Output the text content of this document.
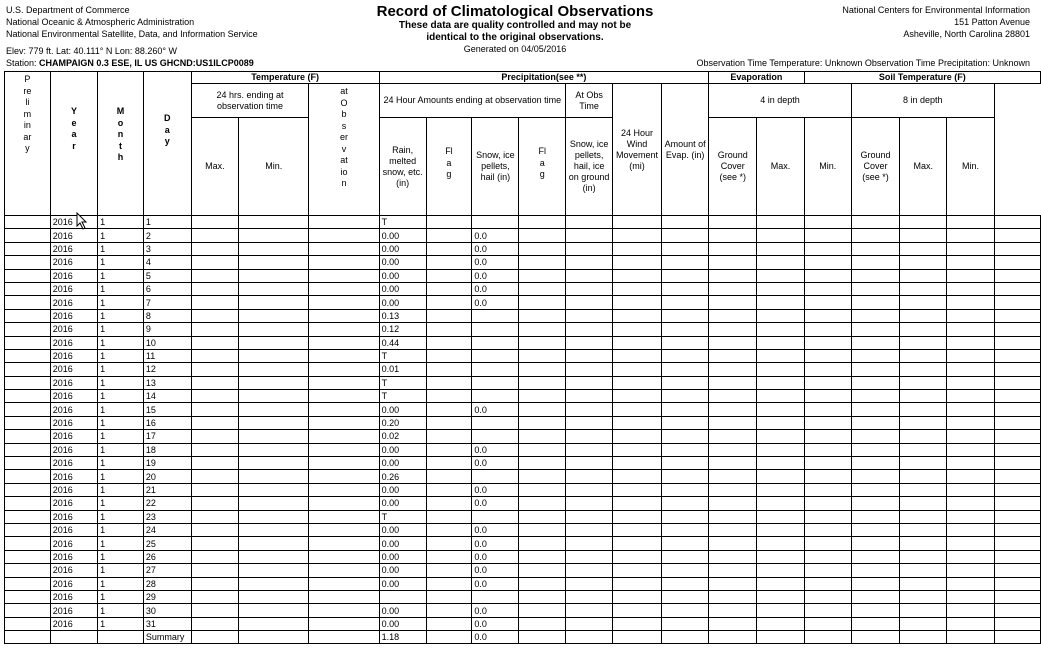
U.S. Department of Commerce
National Oceanic & Atmospheric Administration
National Environmental Satellite, Data, and Information Service
Record of Climatological Observations
These data are quality controlled and may not be
identical to the original observations.
Generated on 04/05/2016
National Centers for Environmental Information
151 Patton Avenue
Asheville, North Carolina 28801
Elev: 779 ft. Lat: 40.111° N Lon: 88.260° W
Station: CHAMPAIGN 0.3 ESE, IL US GHCND:US1ILCP0089	Observation Time Temperature: Unknown Observation Time Precipitation: Unknown
Preliminary	Year	Month	Day	Temperature (F)			Precipitation(see **)							Evaporation		Soil Temperature (F)				
				24 hrs. ending at observation time		at Observation	24 Hour Amounts ending at observation time				At Obs Time	24 Hour Wind Movement (mi)	Amount of Evap. (in)	4 in depth			8 in depth			
				Max.	Min.		Rain, melted snow, etc. (in)	Flag	Snow, ice pellets, hail (in)	Flag	Snow, ice pellets, hail, ice on ground (in)			Ground Cover (see *)	Max.	Min.	Ground Cover (see *)	Max.	Min.	
	2016	1	1				T													
	2016	1	2				0.00		0.0											
	2016	1	3				0.00		0.0											
	2016	1	4				0.00		0.0											
	2016	1	5				0.00		0.0											
	2016	1	6				0.00		0.0											
	2016	1	7				0.00		0.0											
	2016	1	8				0.13													
	2016	1	9				0.12													
	2016	1	10				0.44													
	2016	1	11				T													
	2016	1	12				0.01													
	2016	1	13				T													
	2016	1	14				T													
	2016	1	15				0.00		0.0											
	2016	1	16				0.20													
	2016	1	17				0.02													
	2016	1	18				0.00		0.0											
	2016	1	19				0.00		0.0											
	2016	1	20				0.26													
	2016	1	21				0.00		0.0											
	2016	1	22				0.00		0.0											
	2016	1	23				T													
	2016	1	24				0.00		0.0											
	2016	1	25				0.00		0.0											
	2016	1	26				0.00		0.0											
	2016	1	27				0.00		0.0											
	2016	1	28				0.00		0.0											
	2016	1	29																	
	2016	1	30				0.00		0.0											
	2016	1	31				0.00		0.0											
			Summary				1.18		0.0											
